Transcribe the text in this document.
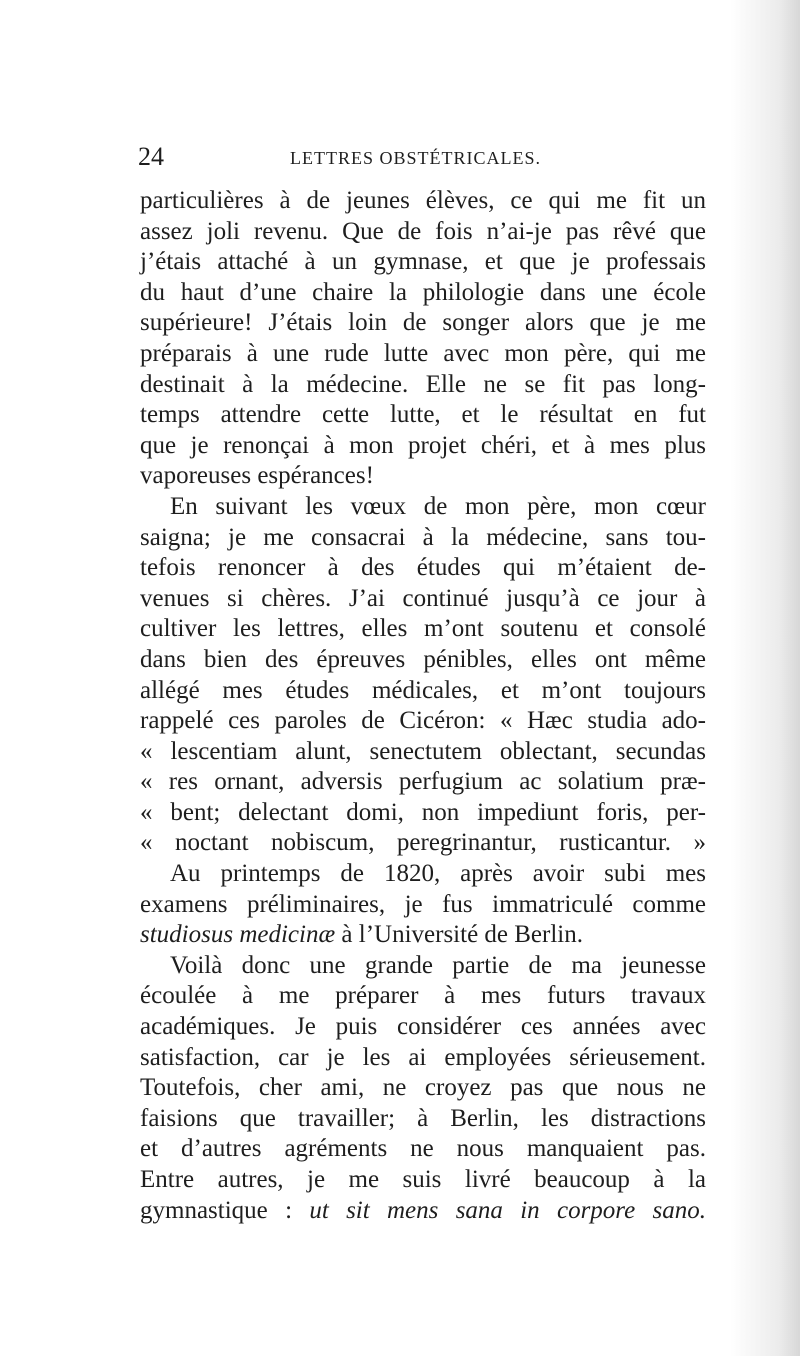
24	LETTRES OBSTÉTRICALES.
particulières à de jeunes élèves, ce qui me fit un
assez joli revenu. Que de fois n’ai-je pas rêvé que
j’étais attaché à un gymnase, et que je professais
du haut d’une chaire la philologie dans une école
supérieure! J’étais loin de songer alors que je me
préparais à une rude lutte avec mon père, qui me
destinait à la médecine. Elle ne se fit pas long-
temps attendre cette lutte, et le résultat en fut
que je renonçai à mon projet chéri, et à mes plus
vaporeuses espérances!
En suivant les vœux de mon père, mon cœur
saigna; je me consacrai à la médecine, sans tou-
tefois renoncer à des études qui m’étaient de-
venues si chères. J’ai continué jusqu’à ce jour à
cultiver les lettres, elles m’ont soutenu et consolé
dans bien des épreuves pénibles, elles ont même
allégé mes études médicales, et m’ont toujours
rappelé ces paroles de Cicéron: « Hæc studia ado-
« lescentiam alunt, senectutem oblectant, secundas
« res ornant, adversis perfugium ac solatium præ-
« bent; delectant domi, non impediunt foris, per-
« noctant nobiscum, peregrinantur, rusticantur. »
Au printemps de 1820, après avoir subi mes
examens préliminaires, je fus immatriculé comme
studiosus medicinæ à l’Université de Berlin.
Voilà donc une grande partie de ma jeunesse
écoulée à me préparer à mes futurs travaux
académiques. Je puis considérer ces années avec
satisfaction, car je les ai employées sérieusement.
Toutefois, cher ami, ne croyez pas que nous ne
faisions que travailler; à Berlin, les distractions
et d’autres agréments ne nous manquaient pas.
Entre autres, je me suis livré beaucoup à la
gymnastique : ut sit mens sana in corpore sano.
